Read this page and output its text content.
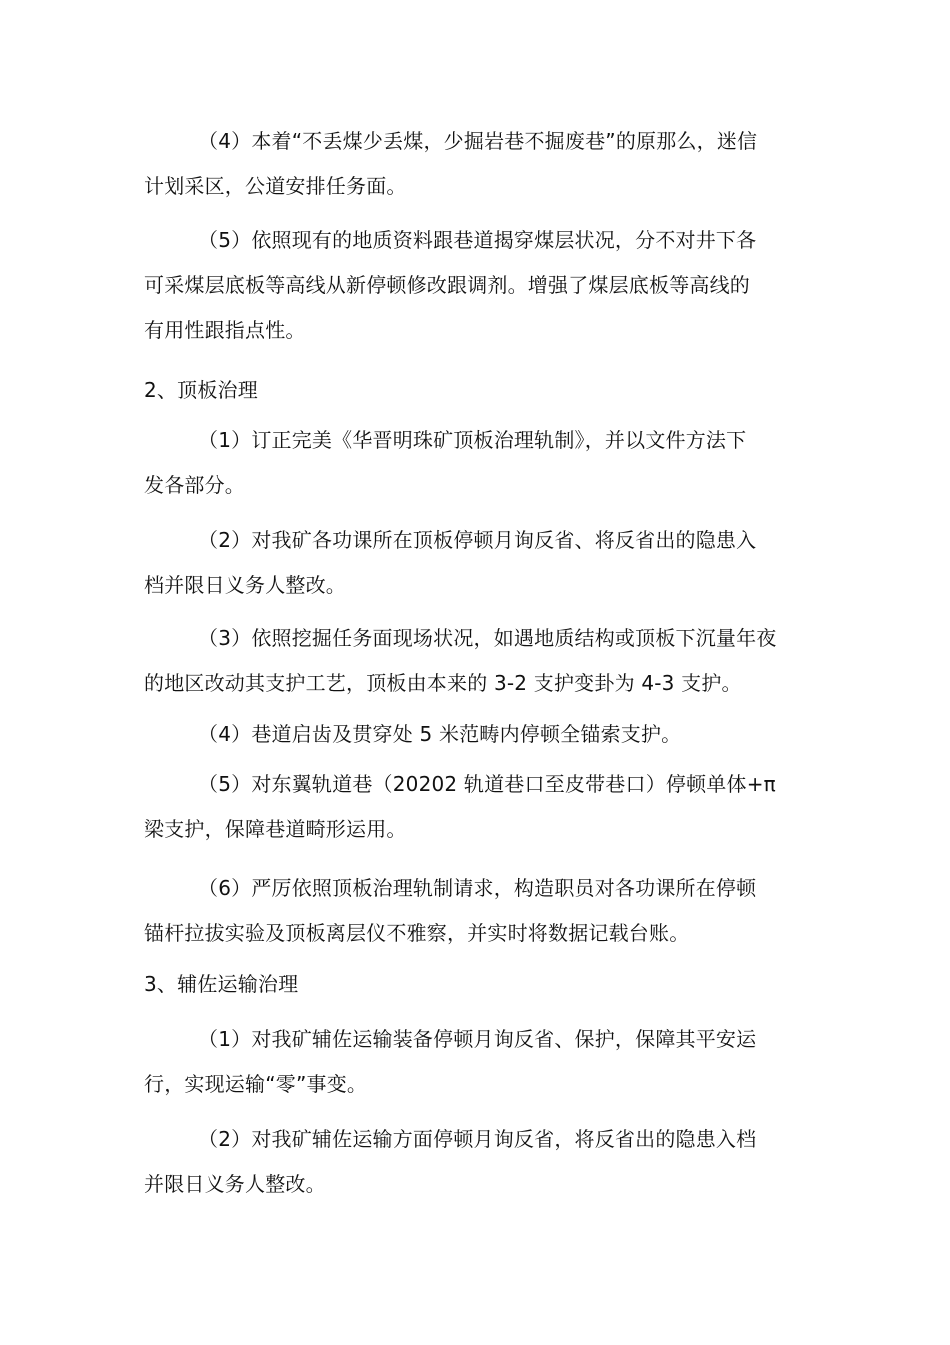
（4）本着“不丢煤少丢煤，少掘岩巷不掘废巷”的原那么，迷信
计划采区，公道安排任务面。
（5）依照现有的地质资料跟巷道揭穿煤层状况，分不对井下各
可采煤层底板等高线从新停顿修改跟调剂。增强了煤层底板等高线的
有用性跟指点性。
2、顶板治理
（1）订正完美《华晋明珠矿顶板治理轨制》，并以文件方法下
发各部分。
（2）对我矿各功课所在顶板停顿月询反省、将反省出的隐患入
档并限日义务人整改。
（3）依照挖掘任务面现场状况，如遇地质结构或顶板下沉量年夜
的地区改动其支护工艺，顶板由本来的 3-2 支护变卦为 4-3 支护。
（4）巷道启齿及贯穿处 5 米范畴内停顿全锚索支护。
（5）对东翼轨道巷（20202 轨道巷口至皮带巷口）停顿单体+π
梁支护，保障巷道畸形运用。
（6）严厉依照顶板治理轨制请求，构造职员对各功课所在停顿
锚杆拉拔实验及顶板离层仪不雅察，并实时将数据记载台账。
3、辅佐运输治理
（1）对我矿辅佐运输装备停顿月询反省、保护，保障其平安运
行，实现运输“零”事变。
（2）对我矿辅佐运输方面停顿月询反省，将反省出的隐患入档
并限日义务人整改。
